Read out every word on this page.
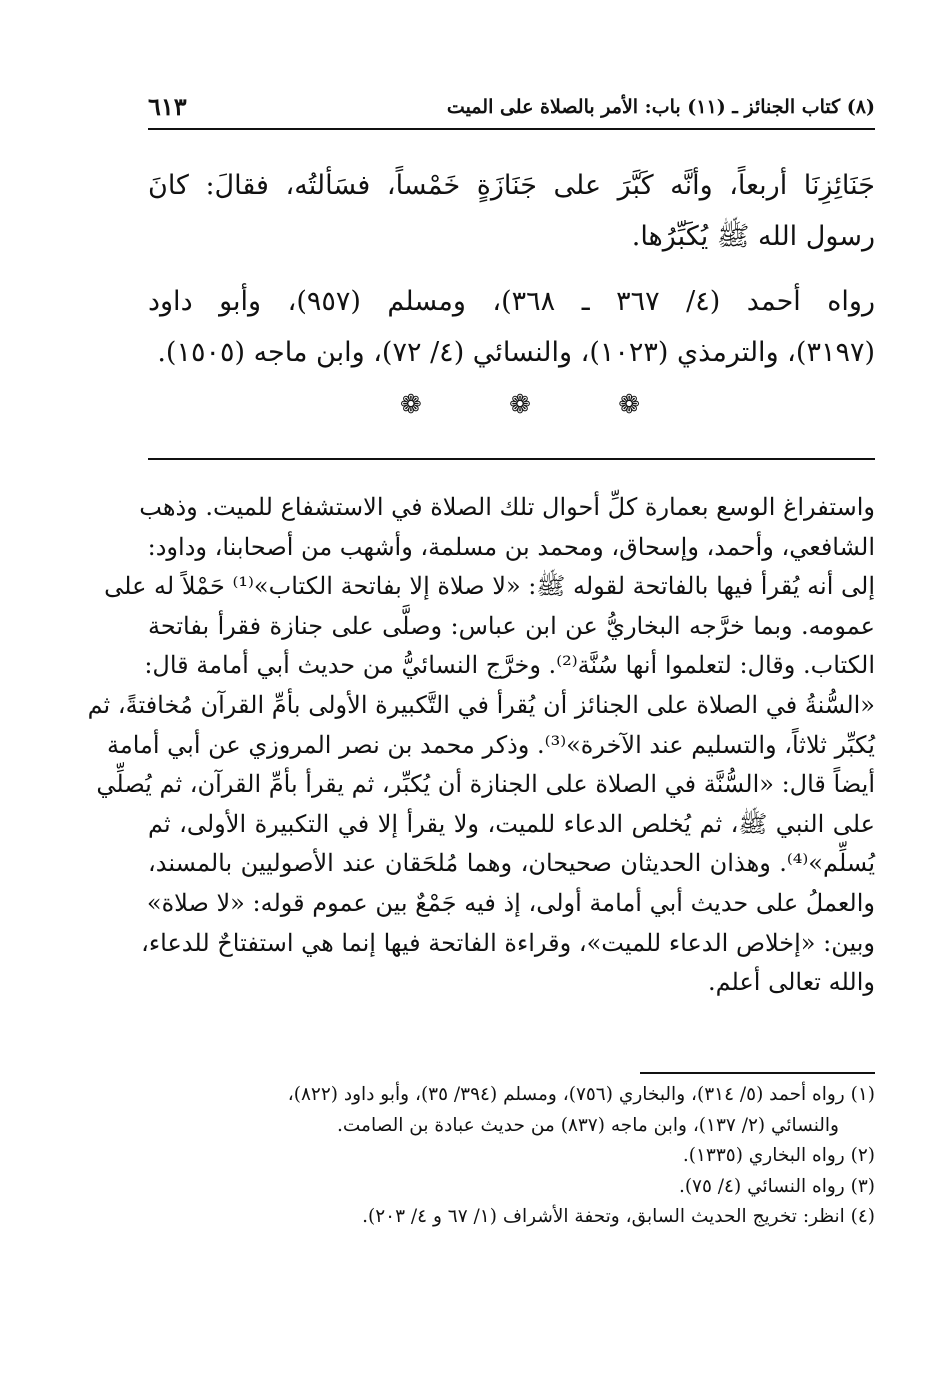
٦١٣	(٨) كتاب الجنائز ـ (١١) باب: الأمر بالصلاة على الميت

جَنَائِزِنَا أربعاً، وأنَّه كَبَّرَ على جَنَازَةٍ خَمْساً، فسَألتُه، فقالَ: كانَ
رسول الله ﷺ يُكَبِّرُها.

رواه أحمد (٤/ ٣٦٧ ـ ٣٦٨)، ومسلم (٩٥٧)، وأبو داود
(٣١٩٧)، والترمذي (١٠٢٣)، والنسائي (٤/ ٧٢)، وابن ماجه (١٥٠٥).

❁	❁	❁
واستفراغ الوسع بعمارة كلِّ أحوال تلك الصلاة في الاستشفاع للميت. وذهب
الشافعي، وأحمد، وإسحاق، ومحمد بن مسلمة، وأشهب من أصحابنا، وداود:
إلى أنه يُقرأ فيها بالفاتحة لقوله ﷺ: «لا صلاة إلا بفاتحة الكتاب»⁽¹⁾ حَمْلاً له على
عمومه. وبما خرَّجه البخاريُّ عن ابن عباس: وصلَّى على جنازة فقرأ بفاتحة
الكتاب. وقال: لتعلموا أنها سُنَّة⁽²⁾. وخرَّج النسائيُّ من حديث أبي أمامة قال:
«السُّنةُ في الصلاة على الجنائز أن يُقرأ في التَّكبيرة الأولى بأمِّ القرآن مُخافتةً، ثم
يُكبِّر ثلاثاً، والتسليم عند الآخرة»⁽³⁾. وذكر محمد بن نصر المروزي عن أبي أمامة
أيضاً قال: «السُّنَّة في الصلاة على الجنازة أن يُكبِّر، ثم يقرأ بأمِّ القرآن، ثم يُصلِّي
على النبي ﷺ، ثم يُخلص الدعاء للميت، ولا يقرأ إلا في التكبيرة الأولى، ثم
يُسلِّم»⁽⁴⁾. وهذان الحديثان صحيحان، وهما مُلحَقان عند الأصوليين بالمسند،
والعملُ على حديث أبي أمامة أولى، إذ فيه جَمْعٌ بين عموم قوله: «لا صلاة»
وبين: «إخلاص الدعاء للميت»، وقراءة الفاتحة فيها إنما هي استفتاحٌ للدعاء،
والله تعالى أعلم.
(١) رواه أحمد (٥/ ٣١٤)، والبخاري (٧٥٦)، ومسلم (٣٩٤/ ٣٥)، وأبو داود (٨٢٢)،
والنسائي (٢/ ١٣٧)، وابن ماجه (٨٣٧) من حديث عبادة بن الصامت.
(٢) رواه البخاري (١٣٣٥).
(٣) رواه النسائي (٤/ ٧٥).
(٤) انظر: تخريج الحديث السابق، وتحفة الأشراف (١/ ٦٧ و ٤/ ٢٠٣).
